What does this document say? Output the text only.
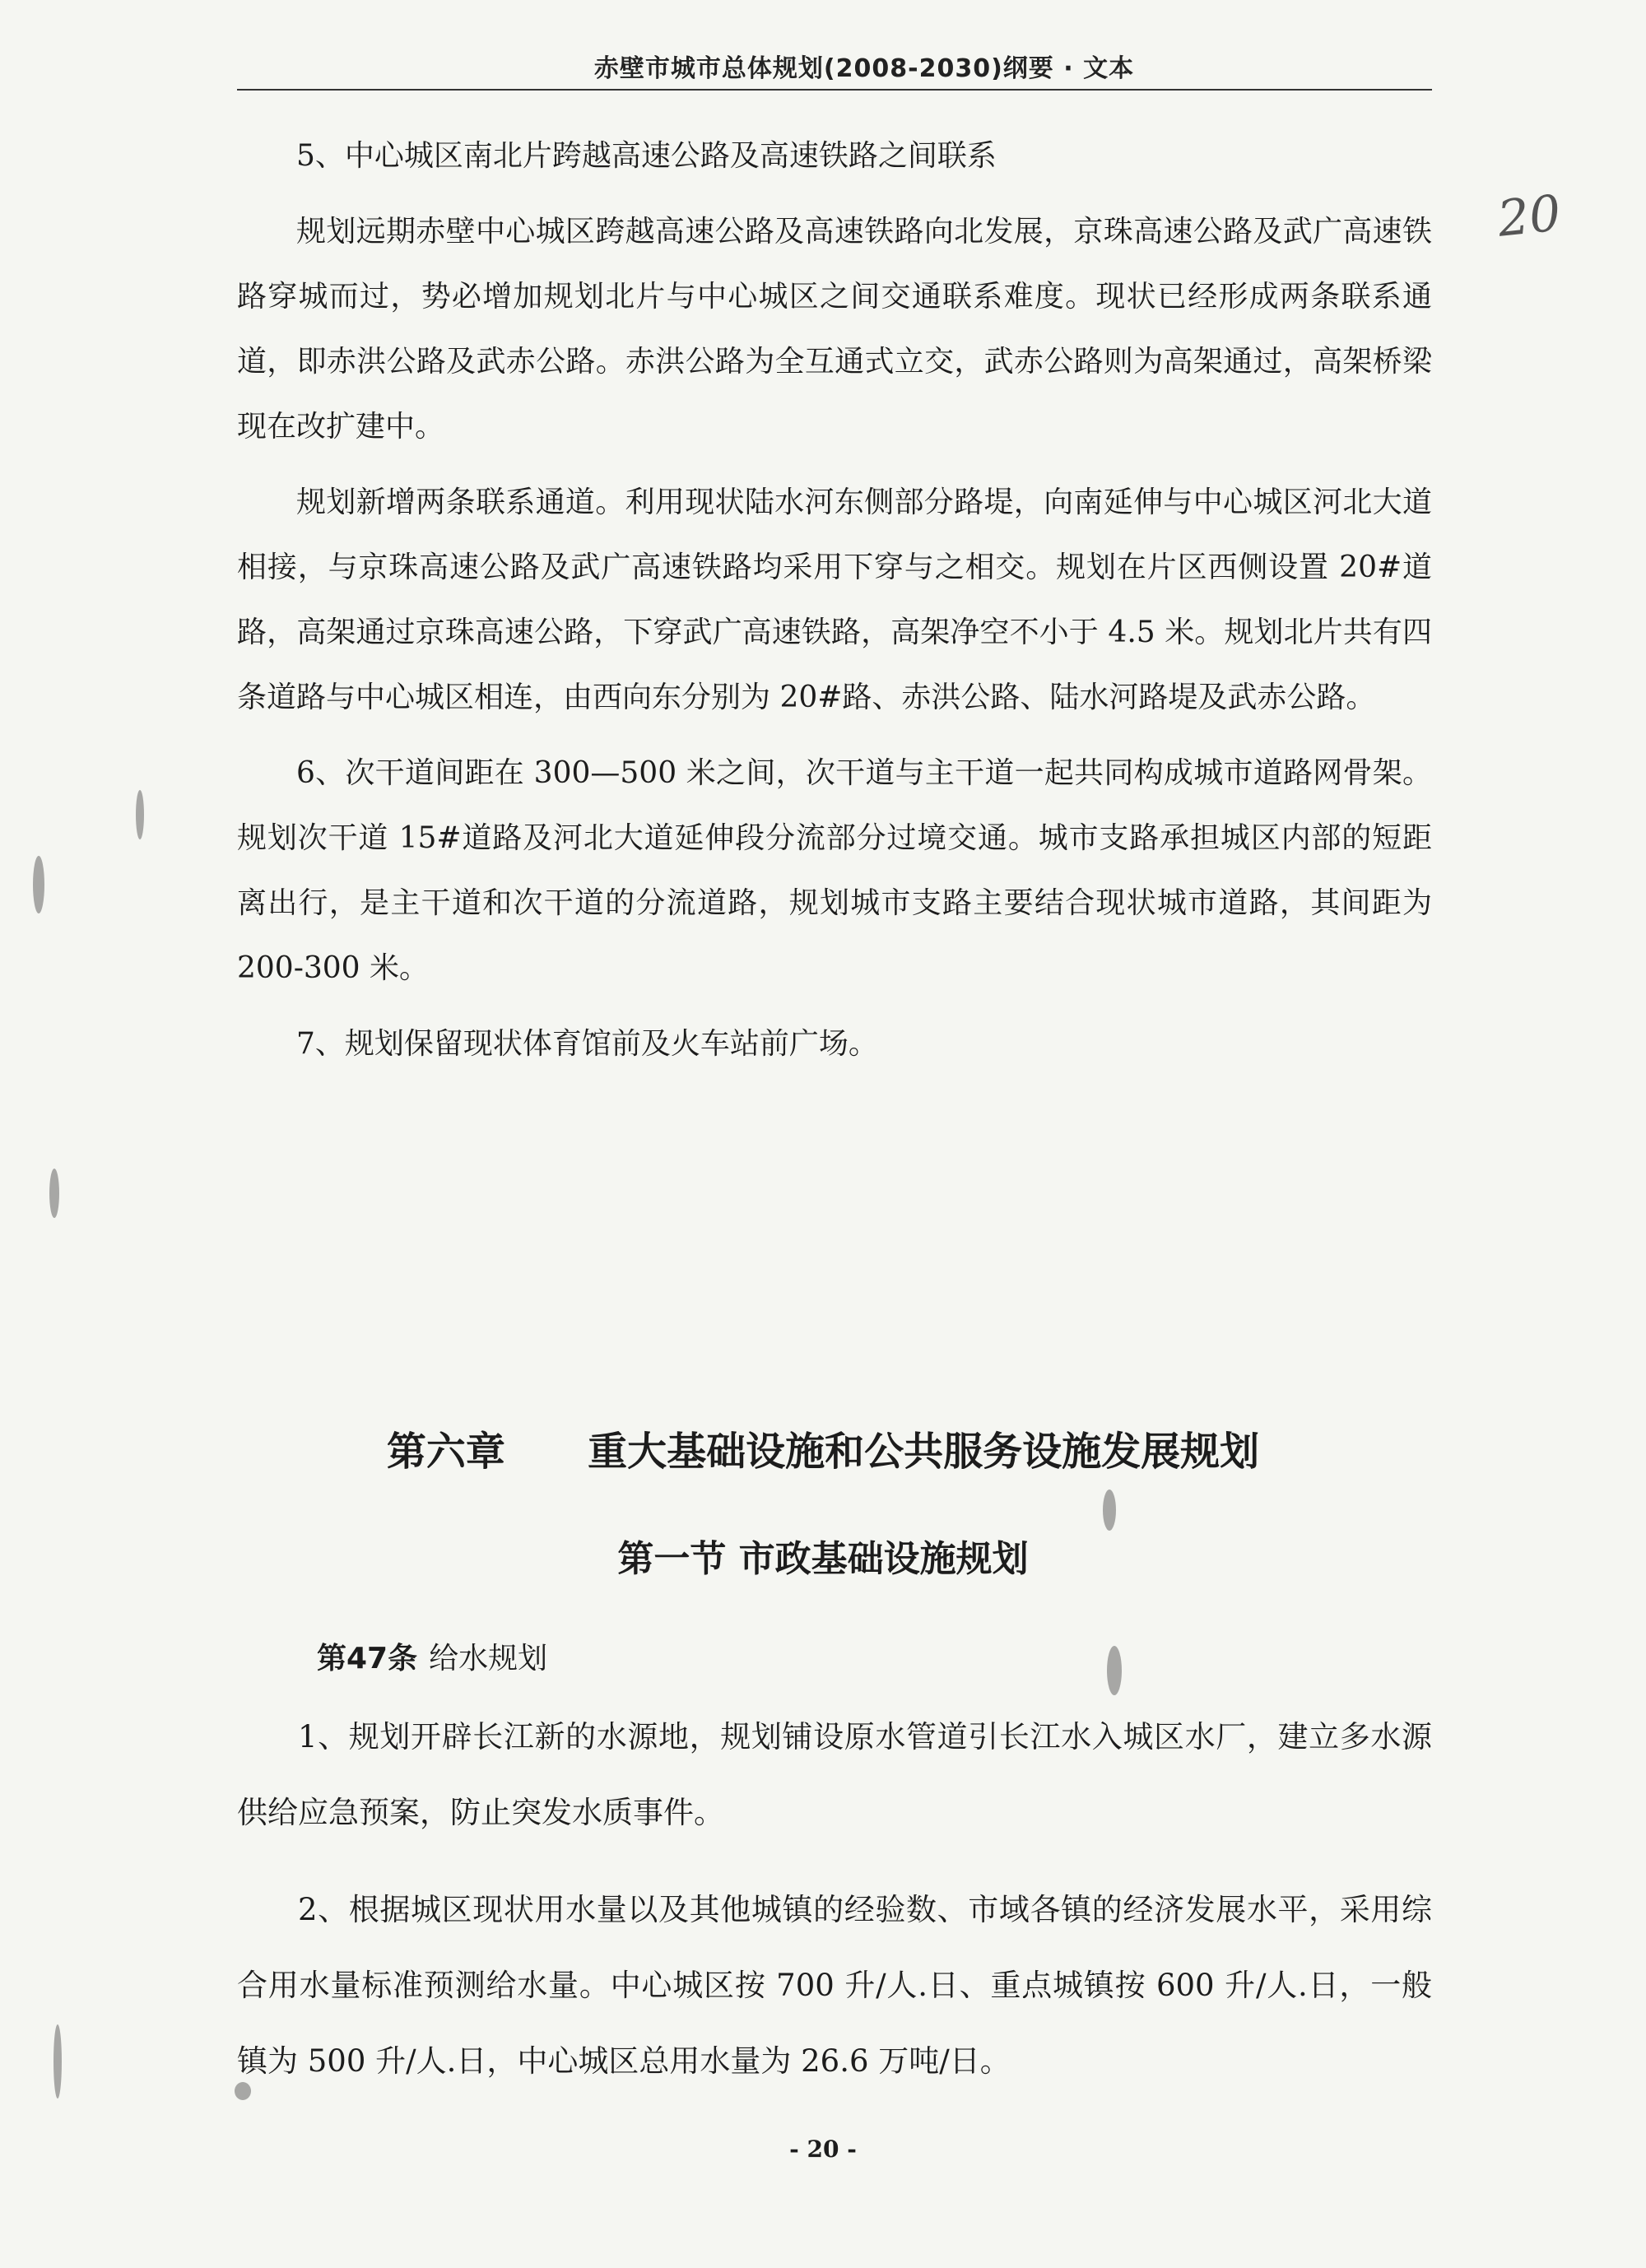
赤壁市城市总体规划(2008-2030)纲要 · 文本
20

5、中心城区南北片跨越高速公路及高速铁路之间联系

规划远期赤壁中心城区跨越高速公路及高速铁路向北发展，京珠高速公路及武广高速铁路穿城而过，势必增加规划北片与中心城区之间交通联系难度。现状已经形成两条联系通道，即赤洪公路及武赤公路。赤洪公路为全互通式立交，武赤公路则为高架通过，高架桥梁现在改扩建中。

规划新增两条联系通道。利用现状陆水河东侧部分路堤，向南延伸与中心城区河北大道相接，与京珠高速公路及武广高速铁路均采用下穿与之相交。规划在片区西侧设置 20#道路，高架通过京珠高速公路，下穿武广高速铁路，高架净空不小于 4.5 米。规划北片共有四条道路与中心城区相连，由西向东分别为 20#路、赤洪公路、陆水河路堤及武赤公路。

6、次干道间距在 300—500 米之间，次干道与主干道一起共同构成城市道路网骨架。规划次干道 15#道路及河北大道延伸段分流部分过境交通。城市支路承担城区内部的短距离出行，是主干道和次干道的分流道路，规划城市支路主要结合现状城市道路，其间距为 200-300 米。

7、规划保留现状体育馆前及火车站前广场。

第六章      重大基础设施和公共服务设施发展规划
第一节 市政基础设施规划
第47条 给水规划

1、规划开辟长江新的水源地，规划铺设原水管道引长江水入城区水厂，建立多水源供给应急预案，防止突发水质事件。

2、根据城区现状用水量以及其他城镇的经验数、市域各镇的经济发展水平，采用综合用水量标准预测给水量。中心城区按 700 升/人.日、重点城镇按 600 升/人.日，一般镇为 500 升/人.日，中心城区总用水量为 26.6 万吨/日。

- 20 -
